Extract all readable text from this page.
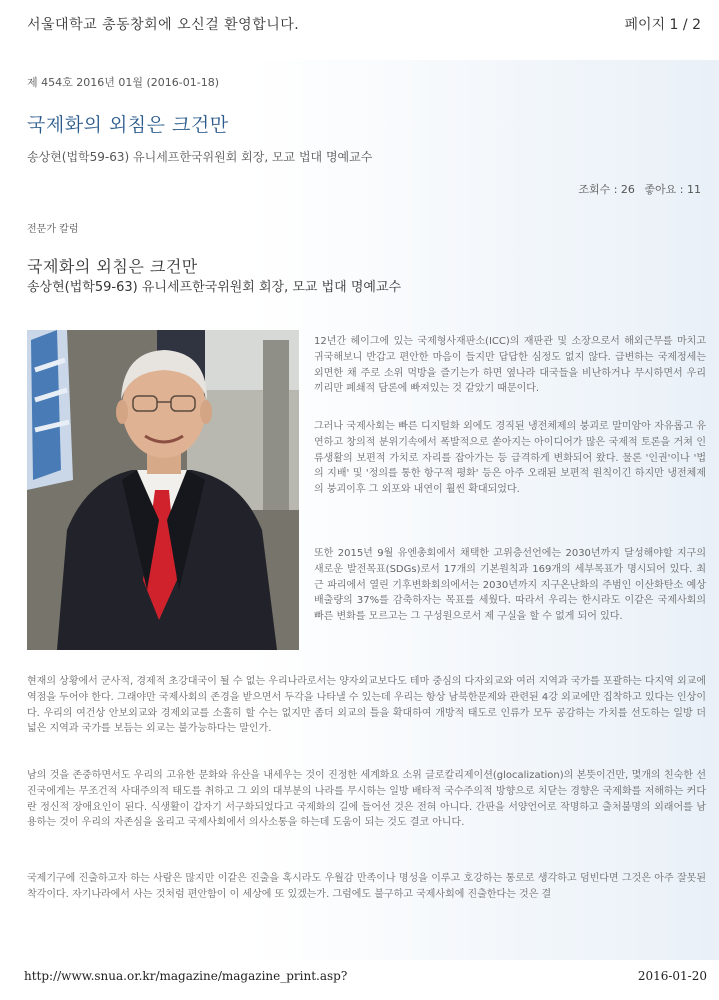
서울대학교 총동창회에 오신걸 환영합니다.	페이지 1 / 2
제 454호 2016년 01월 (2016-01-18)
국제화의 외침은 크건만
송상현(법학59-63) 유니세프한국위원회 회장, 모교 법대 명예교수
조회수 : 26 좋아요 : 11
전문가 칼럼
국제화의 외침은 크건만
송상현(법학59-63) 유니세프한국위원회 회장, 모교 법대 명예교수

12년간 헤이그에 있는 국제형사재판소(ICC)의 재판관 및 소장으로서 해외근무를 마치고 귀국해보니 반갑고 편안한 마음이 들지만 답답한 심정도 없지 않다. 급변하는 국제정세는 외면한 채 주로 소위 먹방을 즐기는가 하면 옆나라 대국들을 비난하거나 무시하면서 우리끼리만 폐쇄적 담론에 빠져있는 것 같았기 때문이다.

그러나 국제사회는 빠른 디지털화 외에도 경직된 냉전체제의 붕괴로 말미암아 자유롭고 유연하고 창의적 분위기속에서 폭발적으로 쏟아지는 아이디어가 많은 국제적 토론을 거쳐 인류생활의 보편적 가치로 자리를 잡아가는 등 급격하게 변화되어 왔다. 물론 '인권'이나 '법의 지배' 및 '정의를 통한 항구적 평화' 등은 아주 오래된 보편적 원칙이긴 하지만 냉전체제의 붕괴이후 그 외포와 내연이 훨씬 확대되었다.

또한 2015년 9월 유엔총회에서 채택한 고위층선언에는 2030년까지 달성해야할 지구의 새로운 발전목표(SDGs)로서 17개의 기본원칙과 169개의 세부목표가 명시되어 있다. 최근 파리에서 열린 기후변화회의에서는 2030년까지 지구온난화의 주범인 이산화탄소 예상 배출량의 37%를 감축하자는 목표를 세웠다. 따라서 우리는 한시라도 이같은 국제사회의 빠른 변화를 모르고는 그 구성원으로서 제 구실을 할 수 없게 되어 있다.

현재의 상황에서 군사적, 경제적 초강대국이 될 수 없는 우리나라로서는 양자외교보다도 테마 중심의 다자외교와 여러 지역과 국가를 포괄하는 다지역 외교에 역점을 두어야 한다. 그래야만 국제사회의 존경을 받으면서 두각을 나타낼 수 있는데 우리는 항상 남북한문제와 관련된 4강 외교에만 집착하고 있다는 인상이다. 우리의 여건상 안보외교와 경제외교를 소홀히 할 수는 없지만 좀더 외교의 틀을 확대하여 개방적 태도로 인류가 모두 공감하는 가치를 선도하는 일방 더 넓은 지역과 국가를 보듬는 외교는 불가능하다는 말인가.

남의 것을 존중하면서도 우리의 고유한 문화와 유산을 내세우는 것이 진정한 세계화요 소위 글로칼리제이션(glocalization)의 본뜻이건만, 몇개의 친숙한 선진국에게는 무조건적 사대주의적 태도를 취하고 그 외의 대부분의 나라를 무시하는 일방 배타적 국수주의적 방향으로 치닫는 경향은 국제화를 저해하는 커다란 정신적 장애요인이 된다. 식생활이 갑자기 서구화되었다고 국제화의 길에 들어선 것은 전혀 아니다. 간판을 서양언어로 작명하고 출처불명의 외래어를 남용하는 것이 우리의 자존심을 올리고 국제사회에서 의사소통을 하는데 도움이 되는 것도 결코 아니다.

국제기구에 진출하고자 하는 사람은 많지만 이같은 진출을 혹시라도 우월감 만족이나 명성을 이루고 호강하는 통로로 생각하고 덤빈다면 그것은 아주 잘못된 착각이다. 자기나라에서 사는 것처럼 편안함이 이 세상에 또 있겠는가. 그럼에도 불구하고 국제사회에 진출한다는 것은 결

http://www.snua.or.kr/magazine/magazine_print.asp?	2016-01-20
